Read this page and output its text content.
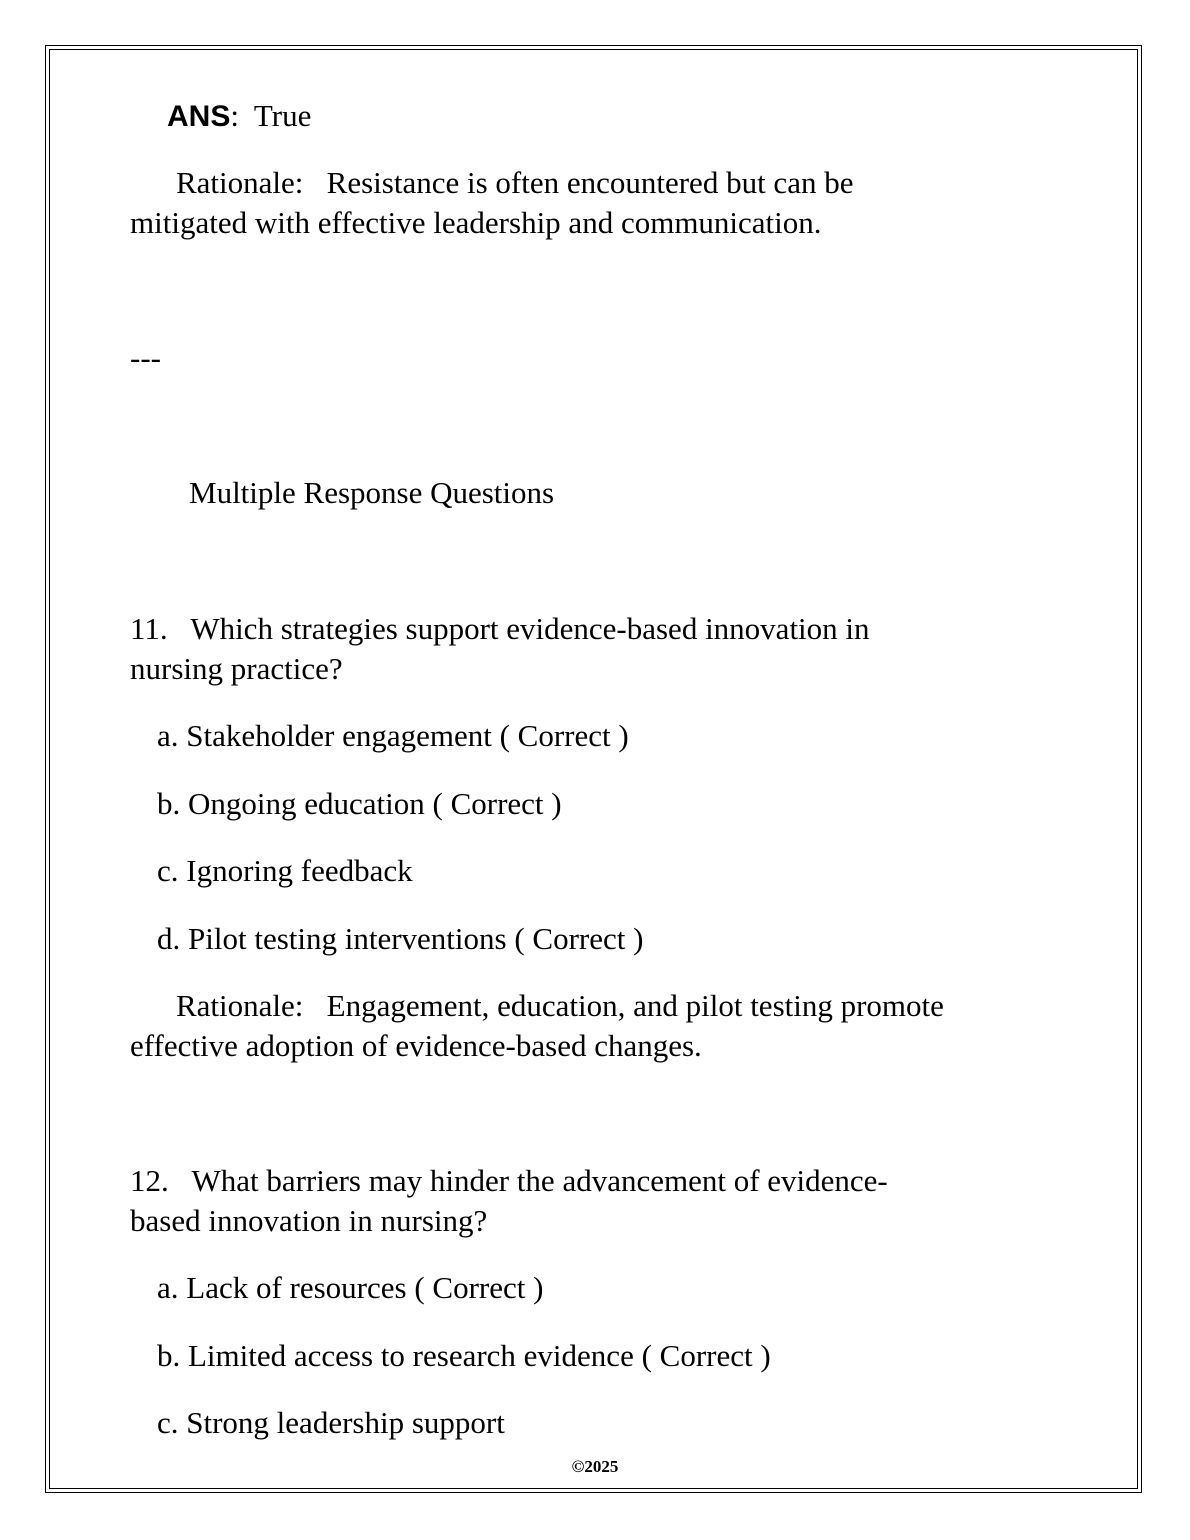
ANS: True
Rationale: Resistance is often encountered but can be
mitigated with effective leadership and communication.
---
Multiple Response Questions
11. Which strategies support evidence-based innovation in
nursing practice?
a. Stakeholder engagement ( Correct )
b. Ongoing education ( Correct )
c. Ignoring feedback
d. Pilot testing interventions ( Correct )
Rationale: Engagement, education, and pilot testing promote
effective adoption of evidence-based changes.
12. What barriers may hinder the advancement of evidence-
based innovation in nursing?
a. Lack of resources ( Correct )
b. Limited access to research evidence ( Correct )
c. Strong leadership support
©2025
